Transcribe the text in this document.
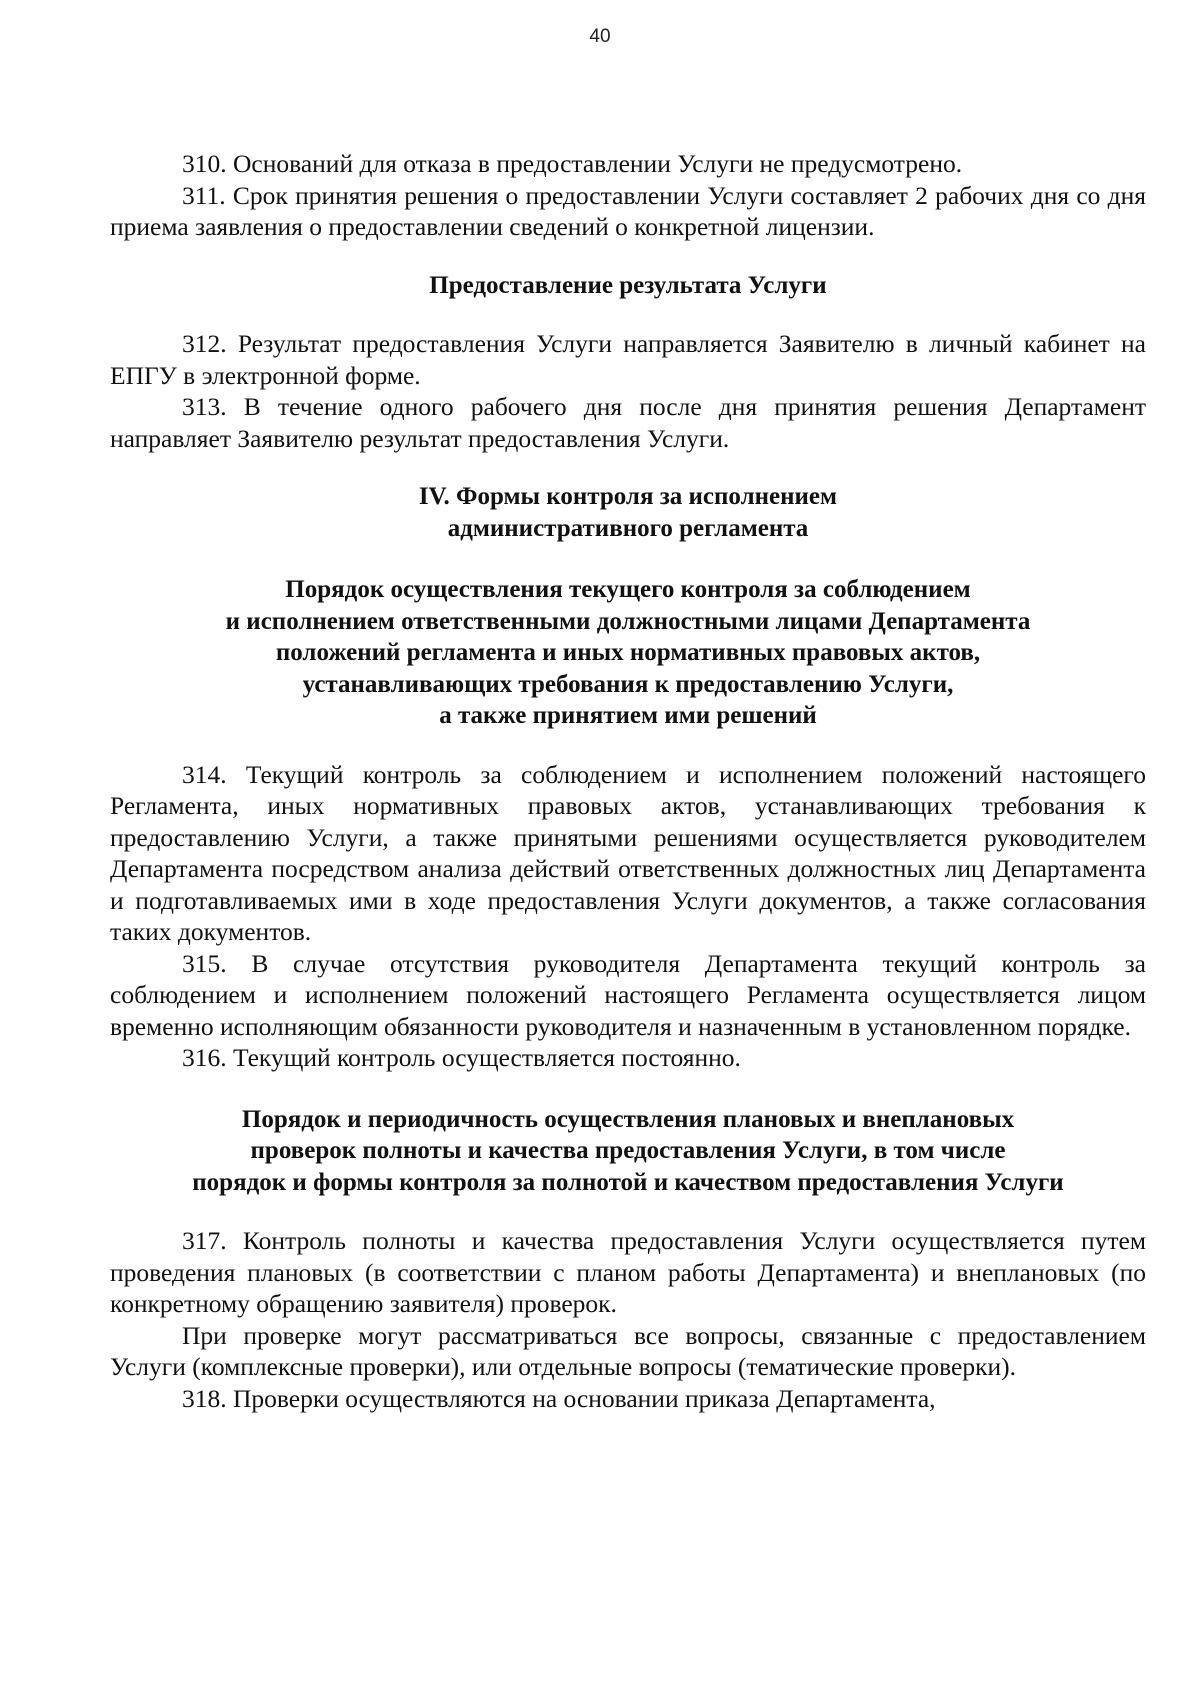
40

310. Оснований для отказа в предоставлении Услуги не предусмотрено.

311. Срок принятия решения о предоставлении Услуги составляет 2 рабочих дня со дня приема заявления о предоставлении сведений о конкретной лицензии.

Предоставление результата Услуги

312. Результат предоставления Услуги направляется Заявителю в личный кабинет на ЕПГУ в электронной форме.

313. В течение одного рабочего дня после дня принятия решения Департамент направляет Заявителю результат предоставления Услуги.

IV. Формы контроля за исполнением
административного регламента
Порядок осуществления текущего контроля за соблюдением
и исполнением ответственными должностными лицами Департамента
положений регламента и иных нормативных правовых актов,
устанавливающих требования к предоставлению Услуги,
а также принятием ими решений

314. Текущий контроль за соблюдением и исполнением положений настоящего Регламента, иных нормативных правовых актов, устанавливающих требования к предоставлению Услуги, а также принятыми решениями осуществляется руководителем Департамента посредством анализа действий ответственных должностных лиц Департамента и подготавливаемых ими в ходе предоставления Услуги документов, а также согласования таких документов.

315. В случае отсутствия руководителя Департамента текущий контроль за соблюдением и исполнением положений настоящего Регламента осуществляется лицом временно исполняющим обязанности руководителя и назначенным в установленном порядке.

316. Текущий контроль осуществляется постоянно.

Порядок и периодичность осуществления плановых и внеплановых
проверок полноты и качества предоставления Услуги, в том числе
порядок и формы контроля за полнотой и качеством предоставления Услуги

317. Контроль полноты и качества предоставления Услуги осуществляется путем проведения плановых (в соответствии с планом работы Департамента) и внеплановых (по конкретному обращению заявителя) проверок.

При проверке могут рассматриваться все вопросы, связанные с предоставлением Услуги (комплексные проверки), или отдельные вопросы (тематические проверки).

318. Проверки осуществляются на основании приказа Департамента,
